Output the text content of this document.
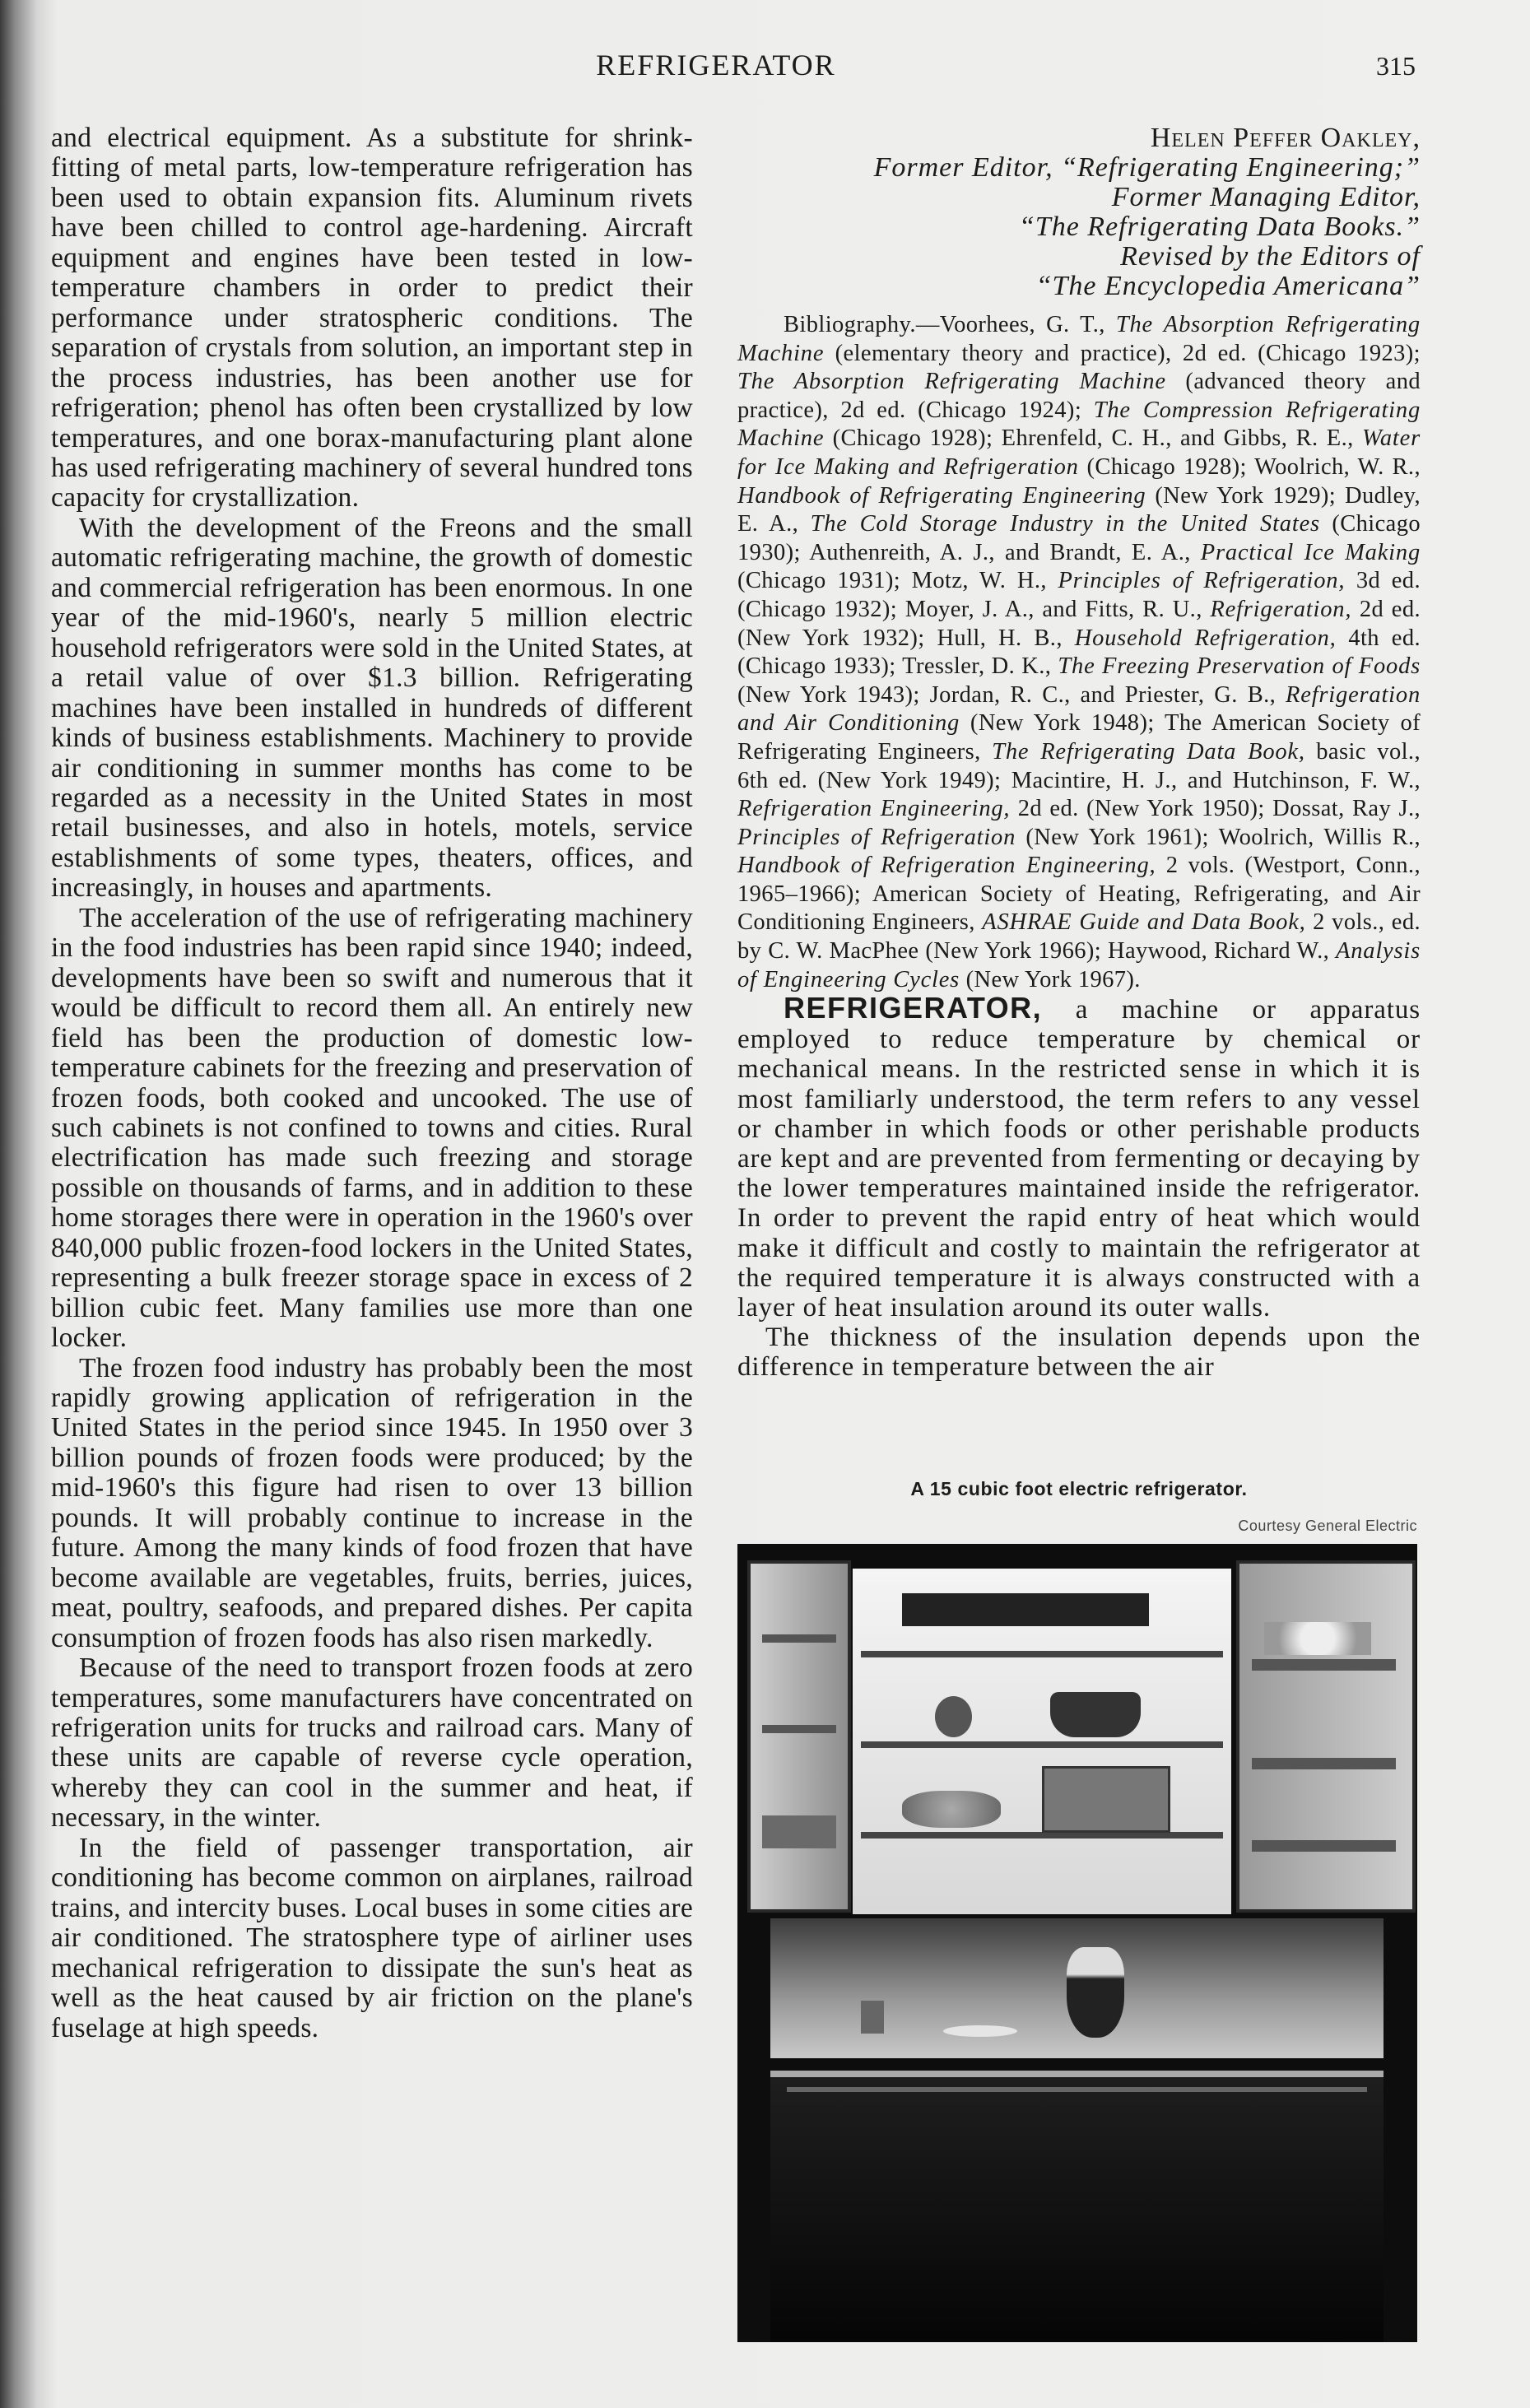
REFRIGERATOR	315

and electrical equipment. As a substitute for shrink-fitting of metal parts, low-temperature refrigeration has been used to obtain expansion fits. Aluminum rivets have been chilled to control age-hardening. Aircraft equipment and engines have been tested in low-temperature chambers in order to predict their performance under stratospheric conditions. The separation of crystals from solution, an important step in the process industries, has been another use for refrigeration; phenol has often been crystallized by low temperatures, and one borax-manufacturing plant alone has used refrigerating machinery of several hundred tons capacity for crystallization.

With the development of the Freons and the small automatic refrigerating machine, the growth of domestic and commercial refrigeration has been enormous. In one year of the mid-1960's, nearly 5 million electric household refrigerators were sold in the United States, at a retail value of over $1.3 billion. Refrigerating machines have been installed in hundreds of different kinds of business establishments. Machinery to provide air conditioning in summer months has come to be regarded as a necessity in the United States in most retail businesses, and also in hotels, motels, service establishments of some types, theaters, offices, and increasingly, in houses and apartments.

The acceleration of the use of refrigerating machinery in the food industries has been rapid since 1940; indeed, developments have been so swift and numerous that it would be difficult to record them all. An entirely new field has been the production of domestic low-temperature cabinets for the freezing and preservation of frozen foods, both cooked and uncooked. The use of such cabinets is not confined to towns and cities. Rural electrification has made such freezing and storage possible on thousands of farms, and in addition to these home storages there were in operation in the 1960's over 840,000 public frozen-food lockers in the United States, representing a bulk freezer storage space in excess of 2 billion cubic feet. Many families use more than one locker.

The frozen food industry has probably been the most rapidly growing application of refrigeration in the United States in the period since 1945. In 1950 over 3 billion pounds of frozen foods were produced; by the mid-1960's this figure had risen to over 13 billion pounds. It will probably continue to increase in the future. Among the many kinds of food frozen that have become available are vegetables, fruits, berries, juices, meat, poultry, seafoods, and prepared dishes. Per capita consumption of frozen foods has also risen markedly.

Because of the need to transport frozen foods at zero temperatures, some manufacturers have concentrated on refrigeration units for trucks and railroad cars. Many of these units are capable of reverse cycle operation, whereby they can cool in the summer and heat, if necessary, in the winter.

In the field of passenger transportation, air conditioning has become common on airplanes, railroad trains, and intercity buses. Local buses in some cities are air conditioned. The stratosphere type of airliner uses mechanical refrigeration to dissipate the sun's heat as well as the heat caused by air friction on the plane's fuselage at high speeds.

Helen Peffer Oakley,
Former Editor, “Refrigerating Engineering;”
Former Managing Editor,
“The Refrigerating Data Books.”
Revised by the Editors of
“The Encyclopedia Americana”

Bibliography.—Voorhees, G. T., The Absorption Refrigerating Machine (elementary theory and practice), 2d ed. (Chicago 1923); The Absorption Refrigerating Machine (advanced theory and practice), 2d ed. (Chicago 1924); The Compression Refrigerating Machine (Chicago 1928); Ehrenfeld, C. H., and Gibbs, R. E., Water for Ice Making and Refrigeration (Chicago 1928); Woolrich, W. R., Handbook of Refrigerating Engineering (New York 1929); Dudley, E. A., The Cold Storage Industry in the United States (Chicago 1930); Authenreith, A. J., and Brandt, E. A., Practical Ice Making (Chicago 1931); Motz, W. H., Principles of Refrigeration, 3d ed. (Chicago 1932); Moyer, J. A., and Fitts, R. U., Refrigeration, 2d ed. (New York 1932); Hull, H. B., Household Refrigeration, 4th ed. (Chicago 1933); Tressler, D. K., The Freezing Preservation of Foods (New York 1943); Jordan, R. C., and Priester, G. B., Refrigeration and Air Conditioning (New York 1948); The American Society of Refrigerating Engineers, The Refrigerating Data Book, basic vol., 6th ed. (New York 1949); Macintire, H. J., and Hutchinson, F. W., Refrigeration Engineering, 2d ed. (New York 1950); Dossat, Ray J., Principles of Refrigeration (New York 1961); Woolrich, Willis R., Handbook of Refrigeration Engineering, 2 vols. (Westport, Conn., 1965–1966); American Society of Heating, Refrigerating, and Air Conditioning Engineers, ASHRAE Guide and Data Book, 2 vols., ed. by C. W. MacPhee (New York 1966); Haywood, Richard W., Analysis of Engineering Cycles (New York 1967).

REFRIGERATOR, a machine or apparatus employed to reduce temperature by chemical or mechanical means. In the restricted sense in which it is most familiarly understood, the term refers to any vessel or chamber in which foods or other perishable products are kept and are prevented from fermenting or decaying by the lower temperatures maintained inside the refrigerator. In order to prevent the rapid entry of heat which would make it difficult and costly to maintain the refrigerator at the required temperature it is always constructed with a layer of heat insulation around its outer walls.

The thickness of the insulation depends upon the difference in temperature between the air

A 15 cubic foot electric refrigerator.
Courtesy General Electric
